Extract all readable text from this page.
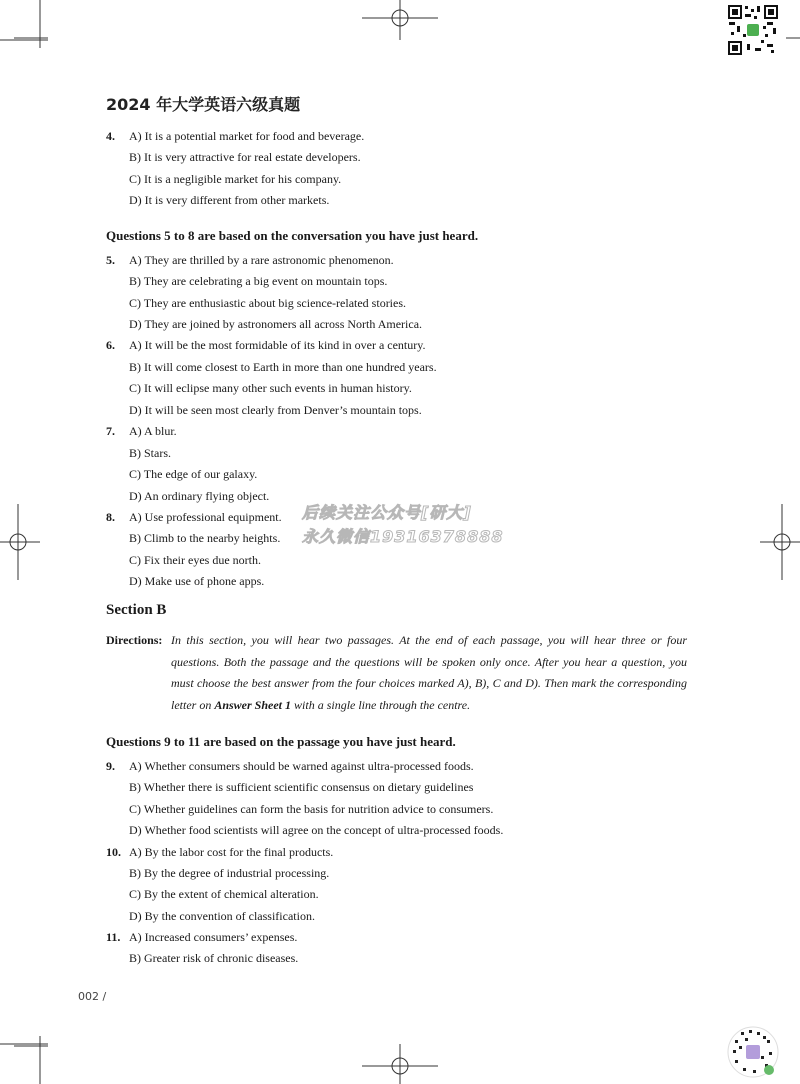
2024 年大学英语六级真题
4. A) It is a potential market for food and beverage.
B) It is very attractive for real estate developers.
C) It is a negligible market for his company.
D) It is very different from other markets.
Questions 5 to 8 are based on the conversation you have just heard.
5. A) They are thrilled by a rare astronomic phenomenon.
B) They are celebrating a big event on mountain tops.
C) They are enthusiastic about big science-related stories.
D) They are joined by astronomers all across North America.
6. A) It will be the most formidable of its kind in over a century.
B) It will come closest to Earth in more than one hundred years.
C) It will eclipse many other such events in human history.
D) It will be seen most clearly from Denver’s mountain tops.
7. A) A blur.
B) Stars.
C) The edge of our galaxy.
D) An ordinary flying object.
8. A) Use professional equipment.
B) Climb to the nearby heights.
C) Fix their eyes due north.
D) Make use of phone apps.
后续关注公众号[研大]
永久微信19316378888
Section B
Directions: In this section, you will hear two passages. At the end of each passage, you will hear three or four questions. Both the passage and the questions will be spoken only once. After you hear a question, you must choose the best answer from the four choices marked A), B), C and D). Then mark the corresponding letter on Answer Sheet 1 with a single line through the centre.
Questions 9 to 11 are based on the passage you have just heard.
9. A) Whether consumers should be warned against ultra-processed foods.
B) Whether there is sufficient scientific consensus on dietary guidelines
C) Whether guidelines can form the basis for nutrition advice to consumers.
D) Whether food scientists will agree on the concept of ultra-processed foods.
10. A) By the labor cost for the final products.
B) By the degree of industrial processing.
C) By the extent of chemical alteration.
D) By the convention of classification.
11. A) Increased consumers’ expenses.
B) Greater risk of chronic diseases.
002 /
